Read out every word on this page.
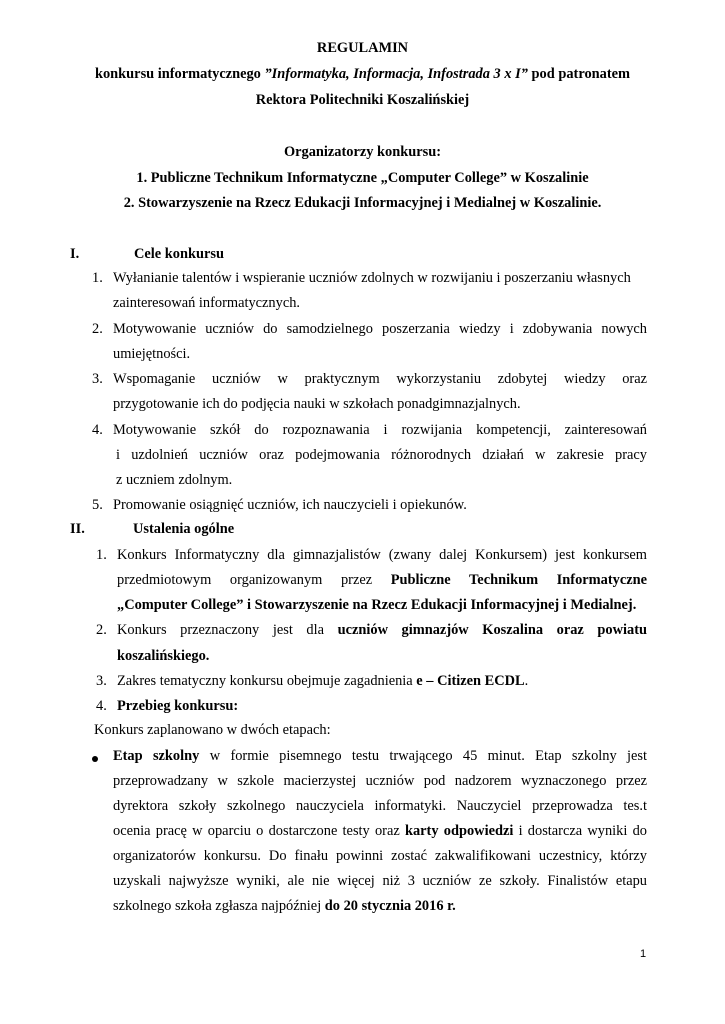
REGULAMIN
konkursu informatycznego ”Informatyka, Informacja, Infostrada 3 x I” pod patronatem
Rektora Politechniki Koszalińskiej
Organizatorzy konkursu:
1. Publiczne Technikum Informatyczne „Computer College” w Koszalinie
2. Stowarzyszenie na Rzecz Edukacji Informacyjnej i Medialnej w Koszalinie.
I.	Cele konkursu
1. Wyłanianie talentów i wspieranie uczniów zdolnych w rozwijaniu i poszerzaniu własnych
zainteresowań informatycznych.
2. Motywowanie uczniów do samodzielnego poszerzania wiedzy i zdobywania nowych
umiejętności.
3. Wspomaganie uczniów w praktycznym wykorzystaniu zdobytej wiedzy oraz
przygotowanie ich do podjęcia nauki w szkołach ponadgimnazjalnych.
4. Motywowanie szkół do rozpoznawania i rozwijania kompetencji, zainteresowań
i uzdolnień uczniów oraz podejmowania różnorodnych działań w zakresie pracy
z uczniem zdolnym.
5. Promowanie osiągnięć uczniów, ich nauczycieli i opiekunów.
II.	Ustalenia ogólne
1. Konkurs Informatyczny dla gimnazjalistów (zwany dalej Konkursem) jest konkursem
przedmiotowym organizowanym przez Publiczne Technikum Informatyczne
„Computer College” i Stowarzyszenie na Rzecz Edukacji Informacyjnej i Medialnej.
2. Konkurs przeznaczony jest dla uczniów gimnazjów Koszalina oraz powiatu
koszalińskiego.
3. Zakres tematyczny konkursu obejmuje zagadnienia e – Citizen ECDL.
4. Przebieg konkursu:
Konkurs zaplanowano w dwóch etapach:
Etap szkolny w formie pisemnego testu trwającego 45 minut. Etap szkolny jest
przeprowadzany w szkole macierzystej uczniów pod nadzorem wyznaczonego przez
dyrektora szkoły szkolnego nauczyciela informatyki. Nauczyciel przeprowadza tes.t
ocenia pracę w oparciu o dostarczone testy oraz karty odpowiedzi i dostarcza wyniki do
organizatorów konkursu. Do finału powinni zostać zakwalifikowani uczestnicy, którzy
uzyskali najwyższe wyniki, ale nie więcej niż 3 uczniów ze szkoły. Finalistów etapu
szkolnego szkoła zgłasza najpóźniej do 20 stycznia 2016 r.
1
